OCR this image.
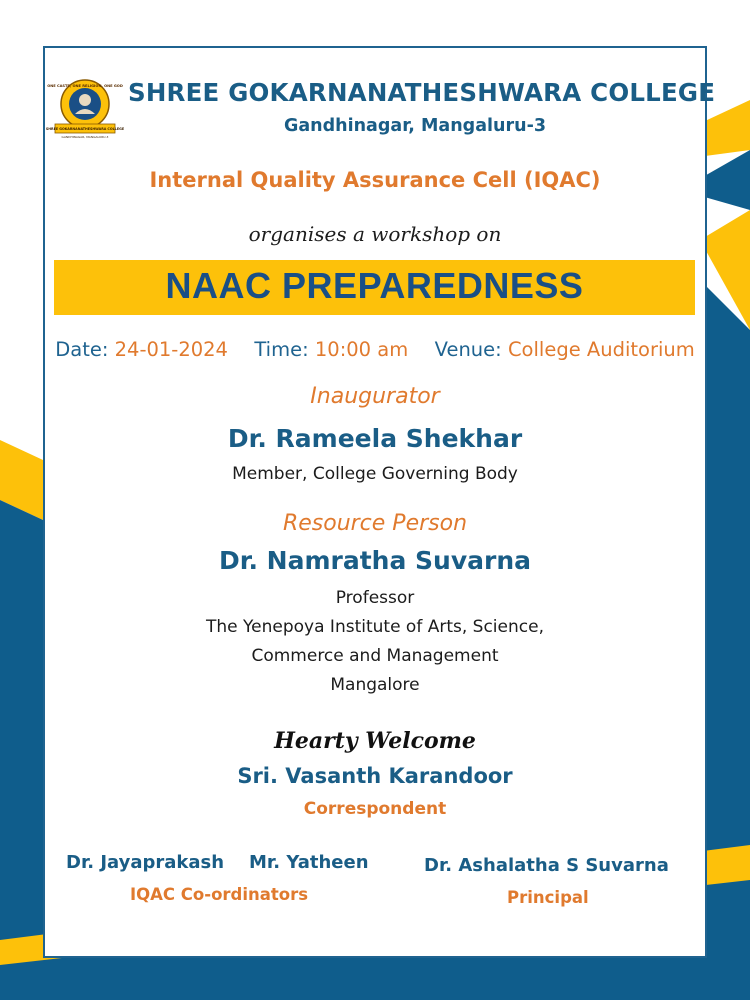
ONE CASTE, ONE RELIGION, ONE GOD
SHREE GOKARNANATHESHWARA COLLEGE
GANDHINAGAR, MANGALURU-3
SHREE GOKARNANATHESHWARA COLLEGE
Gandhinagar, Mangaluru-3
Internal Quality Assurance Cell (IQAC)
organises a workshop on
NAAC PREPAREDNESS
Date: 24-01-2024 Time: 10:00 am Venue: College Auditorium
Inaugurator
Dr. Rameela Shekhar
Member, College Governing Body
Resource Person
Dr. Namratha Suvarna
Professor
The Yenepoya Institute of Arts, Science,
Commerce and Management
Mangalore
Hearty Welcome
Sri. Vasanth Karandoor
Correspondent
Dr. Jayaprakash Mr. Yatheen
IQAC Co-ordinators
Dr. Ashalatha S Suvarna
Principal
